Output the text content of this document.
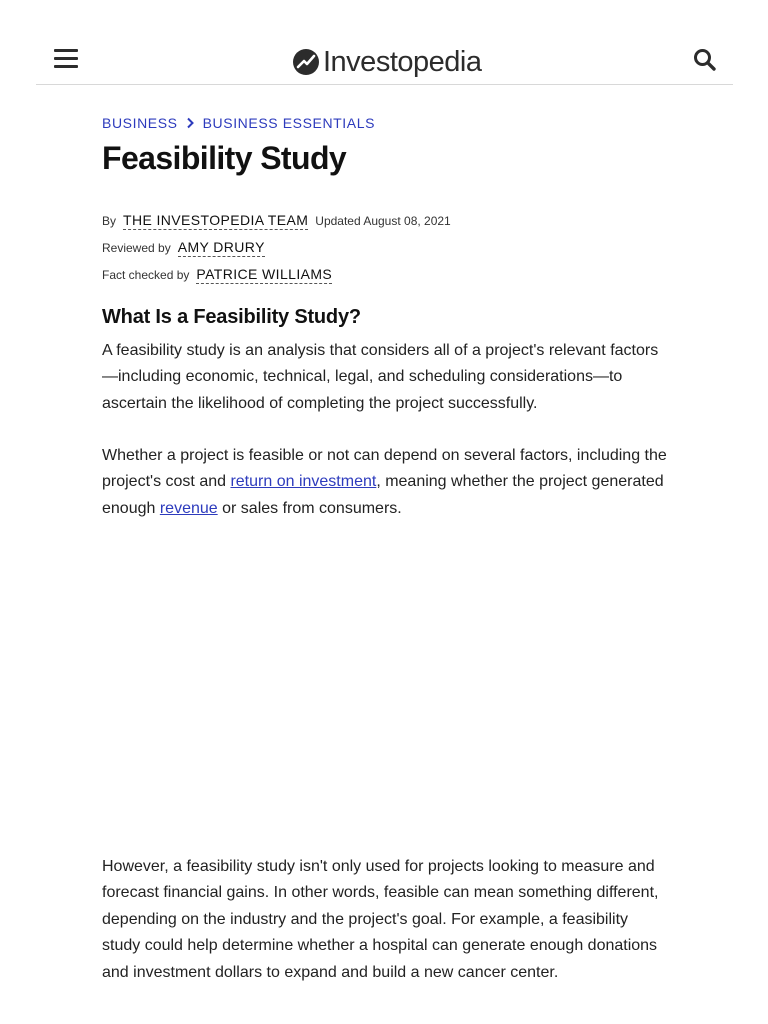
Investopedia
BUSINESS BUSINESS ESSENTIALS
Feasibility Study
By THE INVESTOPEDIA TEAM Updated August 08, 2021
Reviewed by AMY DRURY
Fact checked by PATRICE WILLIAMS
What Is a Feasibility Study?

A feasibility study is an analysis that considers all of a project's relevant factors—including economic, technical, legal, and scheduling considerations—to ascertain the likelihood of completing the project successfully.

Whether a project is feasible or not can depend on several factors, including the project's cost and return on investment, meaning whether the project generated enough revenue or sales from consumers.

However, a feasibility study isn't only used for projects looking to measure and forecast financial gains. In other words, feasible can mean something different, depending on the industry and the project's goal. For example, a feasibility study could help determine whether a hospital can generate enough donations and investment dollars to expand and build a new cancer center.
